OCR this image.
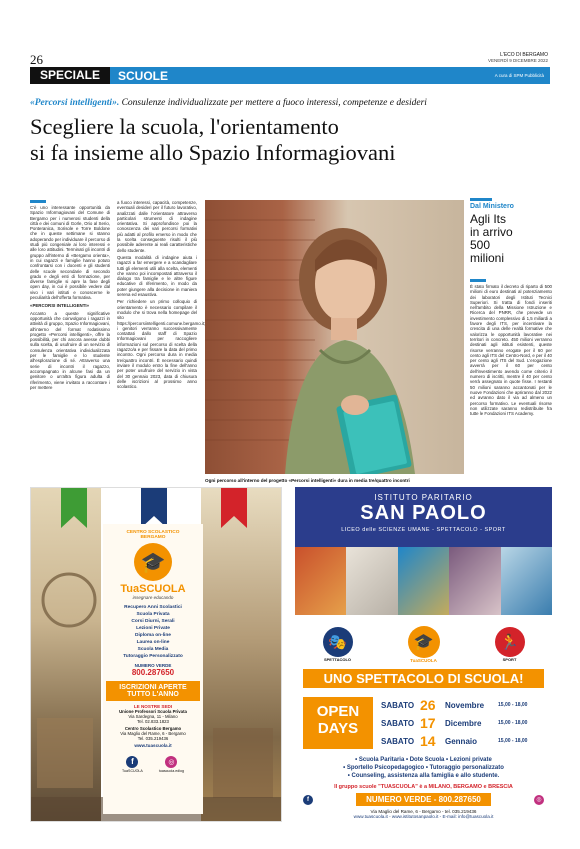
26	L'ECO DI BERGAMO
VENERDÌ 9 DICEMBRE 2022
SPECIALE	SCUOLE	A cura di SPM Pubblicità
«Percorsi intelligenti». Consulenze individualizzate per mettere a fuoco interessi, competenze e desideri
Scegliere la scuola, l'orientamento
si fa insieme allo Spazio Informagiovani

C'è uno interessante opportunità da Spazio Informagiovani del Comune di Bergamo per i numerosi studenti della città e dei comuni di Gorle, Orio al Serio, Ponteranica, Sorisole e Torre Boldone che in queste settimane si stanno adoperando per individuare il percorso di studi più congeniale ai loro interessi e alle loro attitudini. Terminati gli incontri di gruppo all'interno di «Bergamo orienta», in cui ragazzi e famiglie hanno potuto confrontarsi con i docenti e gli studenti delle scuole secondarie di secondo grado e degli enti di formazione, per diverse famiglie si apre la fase degli open day, in cui è possibile vedere dal vivo i vari istituti e conoscerne le peculiarità dell'offerta formativa.

«PERCORSI INTELLIGENTI»

Accanto a queste significative opportunità che coinvolgono i ragazzi in attività di gruppo, Spazio Informagiovani, all'interno del format rodatissimo progetto «Percorsi intelligenti», offre la possibilità, per chi ancora avesse dubbi sulla scelta, di usufruire di un servizio di consulenza orientativa individualizzata per le famiglie e lo studente all'esplorazione di sé. Attraverso una serie di incontri il ragazzo, accompagnato in alcune fasi da un genitore o un'altra figura adulta di riferimento, viene invitato a raccontare i per mettere

a fuoco interessi, capacità, competenze, eventuali desideri per il futuro lavorativo, analizzati dalle l'orientatore attraverso particolari strumenti di indagine orientativa. Si approfondisce poi la conoscenza dei vari percorsi formativi più adatti al profilo emerso in modo che la scelta conseguente risulti il più possibile aderente ai reali caratteristiche dello studente.

Questa modalità di indagine aiuta i ragazzi a far emergere e a scandagliare tutti gli elementi utili alla scelta, elementi che vanno poi incompostati attraverso il dialogo tra famiglie e le altre figure educative di riferimento, in modo da poter giungere alla decisione in maniera serena ed esaustiva.

Per richiedere un primo colloquio di orientamento è necessario compilare il modulo che si trova nella homepage del sito https://percorsiintelligenti.comune.bergamo.it; i genitori verranno successivamente contattati dallo staff di Spazio Informagiovani per raccogliere informazioni sul percorso di scelta della ragazzo/a e per fissare la data del primo incontro. Ogni percorso dura in media tre/quattro incontri. È necessario quindi inviare il modulo entro la fine dell'anno per poter usufruire del servizio in vista del 30 gennaio 2023, data di chiusura delle iscrizioni al prossimo anno scolastico.

Ogni percorso all'interno del progetto «Percorsi intelligenti» dura in media tre/quattro incontri
Dal Ministero
Agli Its
in arrivo
500
milioni
È stato firmato il decreto di riparto di 500 milioni di euro destinati al potenziamento dei laboratori degli Istituti Tecnici Superiori. Si tratta di fondi inseriti nell'ambito della Missione Istruzione e Ricerca del PNRR, che prevede un investimento complessivo di 1,5 miliardi a favore degli ITS, per incentivare la crescita di una delle realtà formative che valorizza le opportunità lavorative nei territori in concreto. 450 milioni verranno destinati agli istituti esistenti, queste risorse verranno erogate per il 60 per cento agli ITS del Centro-Nord, e per il 40 per cento agli ITS del Sud. L'erogazione avverrà per il 60 per cento dell'investimento avendo come criterio il numero di iscritti, mentre il 40 per cento verrà assegnato in quote fisse. I restanti 50 milioni saranno accantonati per le nuove Fondazioni che apriranno dal 2022 ed avranno dato il via ad almeno un percorso formativo. Le eventuali risorse non utilizzate saranno redistribuite fra tutte le Fondazioni ITS Academy.
CENTRO SCOLASTICO
BERGAMO
🎓
TuaSCUOLA
insegnare educando
Recupero Anni Scolastici
Scuola Privata
Corsi Diurni, Serali
Lezioni Private
Diploma on-line
Laurea on-line
Scuola Media
Tutoraggio Personalizzato
NUMERO VERDE
800.287650
ISCRIZIONI APERTE
TUTTO L'ANNO
LE NOSTRE SEDI
Unione Professori Scuola Privata
Via Sardegna, 11 - Milano
Tel. 02.833.1823
Centro Scolastico Bergamo
Via Maglio del Rame, 6 - Bergamo
Tel. 035.219436
www.tuascuola.it
f
TuaSCUOLA
◎
tuascuola.edlog
ISTITUTO PARITARIO
SAN PAOLO
LICEO delle SCIENZE UMANE - SPETTACOLO - SPORT
🎭
SPETTACOLO
🎓
TuaSCUOLA
🏃
SPORT
UNO SPETTACOLO DI SCUOLA!
OPEN
DAYS
SABATO 26	Novembre	15,00 - 18,00
SABATO 17	Dicembre	15,00 - 18,00
SABATO 14	Gennaio	15,00 - 18,00
• Scuola Paritaria • Dote Scuola • Lezioni private
• Sportello Psicopedagogico • Tutoraggio personalizzato
• Counseling, assistenza alla famiglia e allo studente.
Il gruppo scuole "TUASCUOLA" è a MILANO, BERGAMO e BRESCIA
f	NUMERO VERDE - 800.287650	◎
Via Maglio del Rame, 6 - Bergamo - tel. 035.219436
www.tuascuola.it - www.istitutosanpaolo.it - E-mail: info@tuascuola.it
